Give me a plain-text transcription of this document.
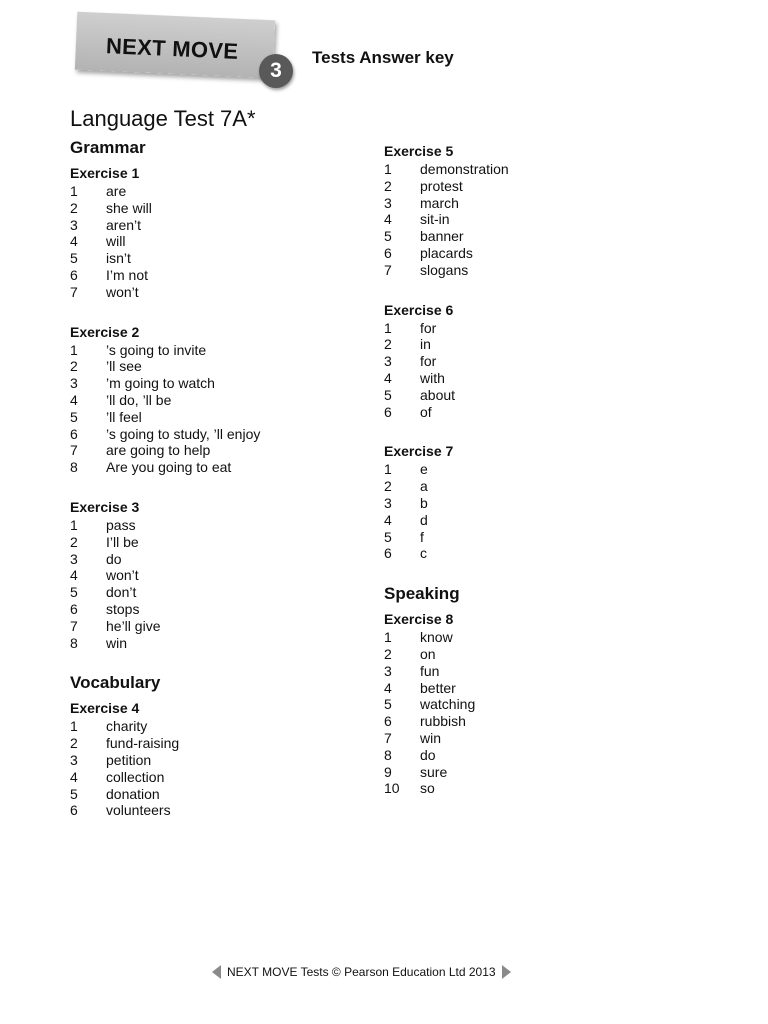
NEXT MOVE
3
Tests Answer key
Language Test 7A*
Grammar
Exercise 1
1	are
2	she will
3	aren’t
4	will
5	isn’t
6	I’m not
7	won’t
Exercise 2
1	’s going to invite
2	’ll see
3	’m going to watch
4	’ll do, ’ll be
5	’ll feel
6	’s going to study, ’ll enjoy
7	are going to help
8	Are you going to eat
Exercise 3
1	pass
2	I’ll be
3	do
4	won’t
5	don’t
6	stops
7	he’ll give
8	win
Vocabulary
Exercise 4
1	charity
2	fund-raising
3	petition
4	collection
5	donation
6	volunteers
Exercise 5
1	demonstration
2	protest
3	march
4	sit-in
5	banner
6	placards
7	slogans
Exercise 6
1	for
2	in
3	for
4	with
5	about
6	of
Exercise 7
1	e
2	a
3	b
4	d
5	f
6	c
Speaking
Exercise 8
1	know
2	on
3	fun
4	better
5	watching
6	rubbish
7	win
8	do
9	sure
10	so
NEXT MOVE Tests © Pearson Education Ltd 2013
